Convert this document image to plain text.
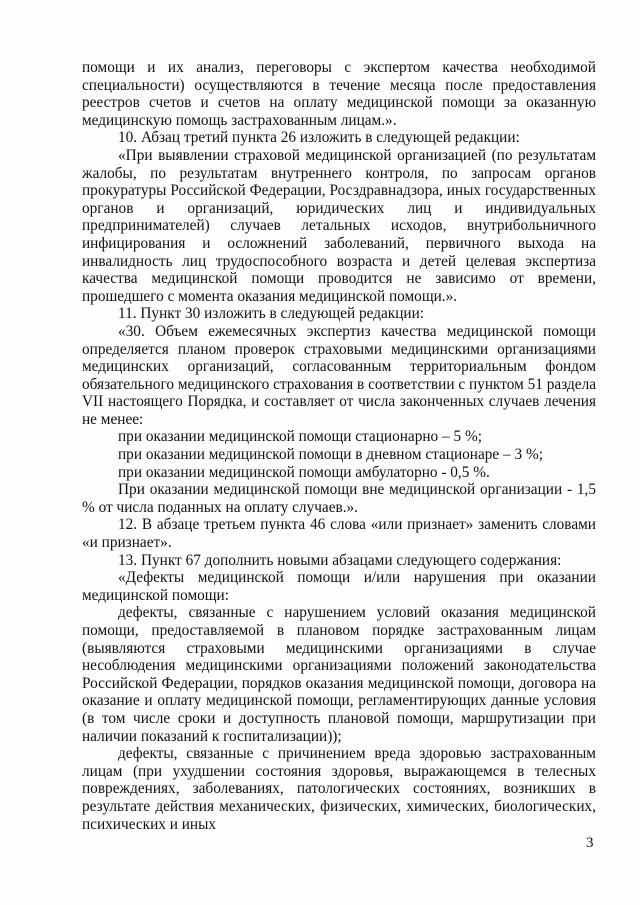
помощи и их анализ, переговоры с экспертом качества необходимой специальности) осуществляются в течение месяца после предоставления реестров счетов и счетов на оплату медицинской помощи за оказанную медицинскую помощь застрахованным лицам.».

10. Абзац третий пункта 26 изложить в следующей редакции:

«При выявлении страховой медицинской организацией (по результатам жалобы, по результатам внутреннего контроля, по запросам органов прокуратуры Российской Федерации, Росздравнадзора, иных государственных органов и организаций, юридических лиц и индивидуальных предпринимателей) случаев летальных исходов, внутрибольничного инфицирования и осложнений заболеваний, первичного выхода на инвалидность лиц трудоспособного возраста и детей целевая экспертиза качества медицинской помощи проводится не зависимо от времени, прошедшего с момента оказания медицинской помощи.».

11. Пункт 30 изложить в следующей редакции:

«30. Объем ежемесячных экспертиз качества медицинской помощи определяется планом проверок страховыми медицинскими организациями медицинских организаций, согласованным территориальным фондом обязательного медицинского страхования в соответствии с пунктом 51 раздела VII настоящего Порядка, и составляет от числа законченных случаев лечения не менее:

при оказании медицинской помощи стационарно – 5 %;

при оказании медицинской помощи в дневном стационаре – 3 %;

при оказании медицинской помощи амбулаторно - 0,5 %.

При оказании медицинской помощи вне медицинской организации - 1,5 % от числа поданных на оплату случаев.».

12. В абзаце третьем пункта 46 слова «или признает» заменить словами «и признает».

13. Пункт 67 дополнить новыми абзацами следующего содержания:

«Дефекты медицинской помощи и/или нарушения при оказании медицинской помощи:

дефекты, связанные с нарушением условий оказания медицинской помощи, предоставляемой в плановом порядке застрахованным лицам (выявляются страховыми медицинскими организациями в случае несоблюдения медицинскими организациями положений законодательства Российской Федерации, порядков оказания медицинской помощи, договора на оказание и оплату медицинской помощи, регламентирующих данные условия (в том числе сроки и доступность плановой помощи, маршрутизации при наличии показаний к госпитализации));

дефекты, связанные с причинением вреда здоровью застрахованным лицам (при ухудшении состояния здоровья, выражающемся в телесных повреждениях, заболеваниях, патологических состояниях, возникших в результате действия механических, физических, химических, биологических, психических и иных

3
